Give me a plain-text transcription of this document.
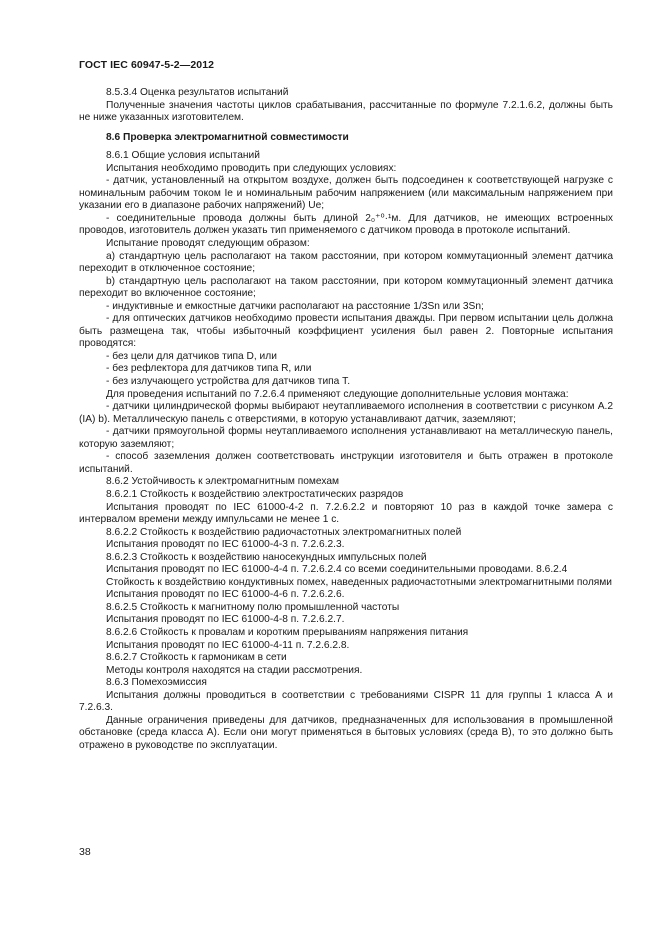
ГОСТ IEC 60947-5-2—2012

8.5.3.4 Оценка результатов испытаний

Полученные значения частоты циклов срабатывания, рассчитанные по формуле 7.2.1.6.2, должны быть не ниже указанных изготовителем.

8.6 Проверка электромагнитной совместимости

8.6.1 Общие условия испытаний

Испытания необходимо проводить при следующих условиях:

- датчик, установленный на открытом воздухе, должен быть подсоединен к соответствующей нагрузке с номинальным рабочим током Iе и номинальным рабочим напряжением (или максимальным напряжением при указании его в диапазоне рабочих напряжений) Uе;

- соединительные провода должны быть длиной 2₀⁺⁰·¹м. Для датчиков, не имеющих встроенных проводов, изготовитель должен указать тип применяемого с датчиком провода в протоколе испытаний.

Испытание проводят следующим образом:

a) стандартную цель располагают на таком расстоянии, при котором коммутационный элемент датчика переходит в отключенное состояние;

b) стандартную цель располагают на таком расстоянии, при котором коммутационный элемент датчика переходит во включенное состояние;

- индуктивные и емкостные датчики располагают на расстояние 1/3Sn или 3Sn;

- для оптических датчиков необходимо провести испытания дважды. При первом испытании цель должна быть размещена так, чтобы избыточный коэффициент усиления был равен 2. Повторные испытания проводятся:

- без цели для датчиков типа D, или

- без рефлектора для датчиков типа R, или

- без излучающего устройства для датчиков типа T.

Для проведения испытаний по 7.2.6.4 применяют следующие дополнительные условия монтажа:

- датчики цилиндрической формы выбирают неутапливаемого исполнения в соответствии с рисунком А.2 (IA) b). Металлическую панель с отверстиями, в которую устанавливают датчик, заземляют;

- датчики прямоугольной формы неутапливаемого исполнения устанавливают на металлическую панель, которую заземляют;

- способ заземления должен соответствовать инструкции изготовителя и быть отражен в протоколе испытаний.

8.6.2 Устойчивость к электромагнитным помехам

8.6.2.1 Стойкость к воздействию электростатических разрядов

Испытания проводят по IEC 61000-4-2 п. 7.2.6.2.2 и повторяют 10 раз в каждой точке замера с интервалом времени между импульсами не менее 1 с.

8.6.2.2 Стойкость к воздействию радиочастотных электромагнитных полей

Испытания проводят по IEC 61000-4-3 п. 7.2.6.2.3.

8.6.2.3 Стойкость к воздействию наносекундных импульсных полей

Испытания проводят по IEC 61000-4-4 п. 7.2.6.2.4 со всеми соединительными проводами. 8.6.2.4

Стойкость к воздействию кондуктивных помех, наведенных радиочастотными электромагнитными полями

Испытания проводят по IEC 61000-4-6 п. 7.2.6.2.6.

8.6.2.5 Стойкость к магнитному полю промышленной частоты

Испытания проводят по IEC 61000-4-8 п. 7.2.6.2.7.

8.6.2.6 Стойкость к провалам и коротким прерываниям напряжения питания

Испытания проводят по IEC 61000-4-11 п. 7.2.6.2.8.

8.6.2.7 Стойкость к гармоникам в сети

Методы контроля находятся на стадии рассмотрения.

8.6.3 Помехоэмиссия

Испытания должны проводиться в соответствии с требованиями CISPR 11 для группы 1 класса А и 7.2.6.3.

Данные ограничения приведены для датчиков, предназначенных для использования в промышленной обстановке (среда класса А). Если они могут применяться в бытовых условиях (среда В), то это должно быть отражено в руководстве по эксплуатации.

38
